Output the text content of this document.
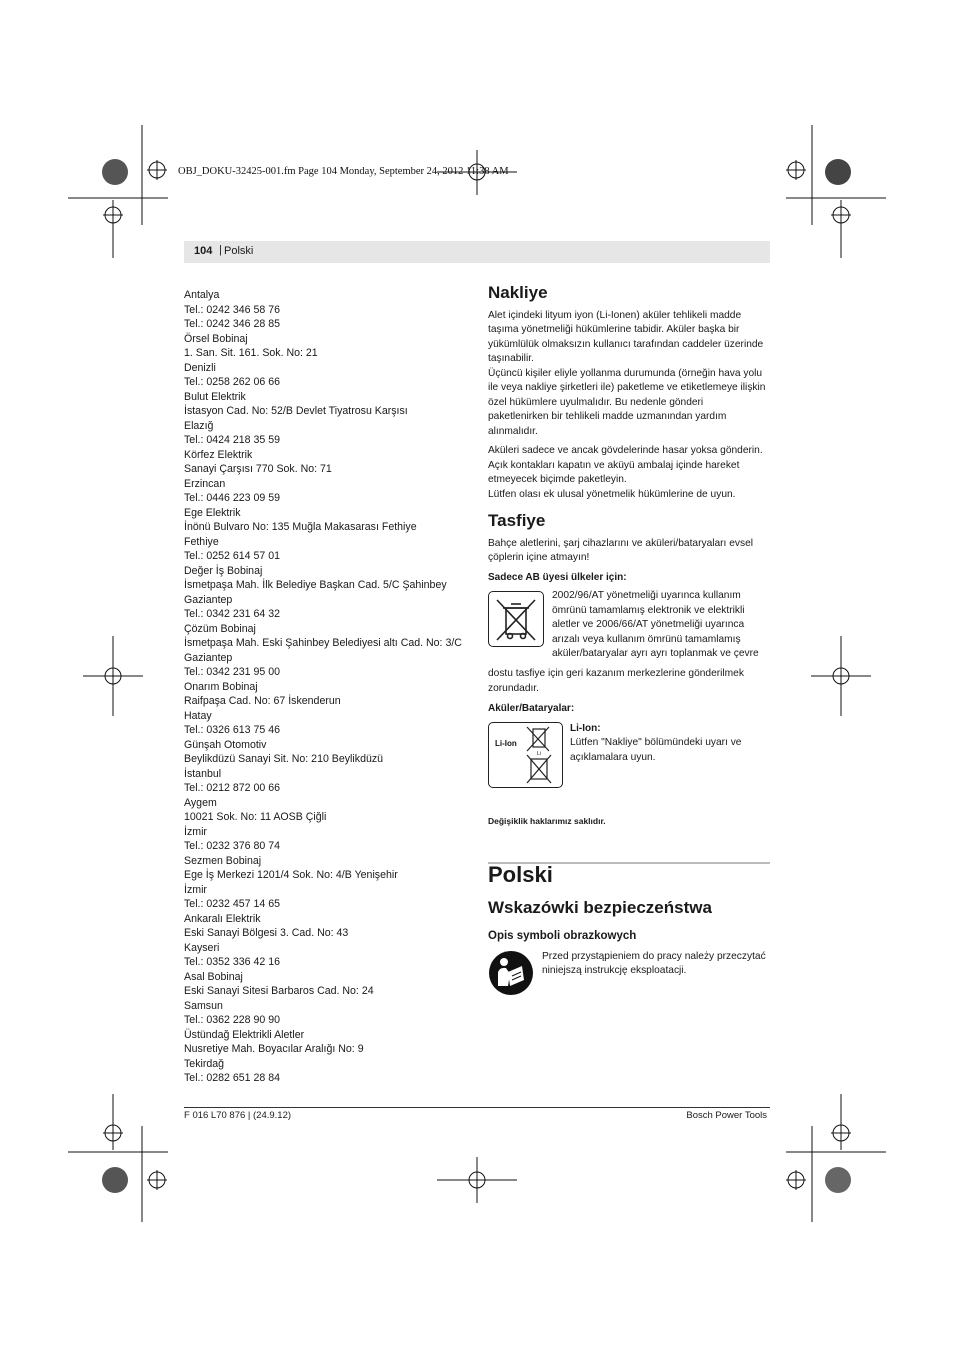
OBJ_DOKU-32425-001.fm Page 104 Monday, September 24, 2012 11:38 AM
104 | Polski
Antalya
Tel.: 0242 346 58 76
Tel.: 0242 346 28 85
Örsel Bobinaj
1. San. Sit. 161. Sok. No: 21
Denizli
Tel.: 0258 262 06 66
Bulut Elektrik
İstasyon Cad. No: 52/B Devlet Tiyatrosu Karşısı
Elazığ
Tel.: 0424 218 35 59
Körfez Elektrik
Sanayi Çarşısı 770 Sok. No: 71
Erzincan
Tel.: 0446 223 09 59
Ege Elektrik
İnönü Bulvaro No: 135 Muğla Makasarası Fethiye
Fethiye
Tel.: 0252 614 57 01
Değer İş Bobinaj
İsmetpaşa Mah. İlk Belediye Başkan Cad. 5/C Şahinbey
Gaziantep
Tel.: 0342 231 64 32
Çözüm Bobinaj
İsmetpaşa Mah. Eski Şahinbey Belediyesi altı Cad. No: 3/C
Gaziantep
Tel.: 0342 231 95 00
Onarım Bobinaj
Raifpaşa Cad. No: 67 İskenderun
Hatay
Tel.: 0326 613 75 46
Günşah Otomotiv
Beylikdüzü Sanayi Sit. No: 210 Beylikdüzü
İstanbul
Tel.: 0212 872 00 66
Aygem
10021 Sok. No: 11 AOSB Çiğli
İzmir
Tel.: 0232 376 80 74
Sezmen Bobinaj
Ege İş Merkezi 1201/4 Sok. No: 4/B Yenişehir
İzmir
Tel.: 0232 457 14 65
Ankaralı Elektrik
Eski Sanayi Bölgesi 3. Cad. No: 43
Kayseri
Tel.: 0352 336 42 16
Asal Bobinaj
Eski Sanayi Sitesi Barbaros Cad. No: 24
Samsun
Tel.: 0362 228 90 90
Üstündağ Elektrikli Aletler
Nusretiye Mah. Boyacılar Aralığı No: 9
Tekirdağ
Tel.: 0282 651 28 84
Nakliye
Alet içindeki lityum iyon (Li-Ionen) aküler tehlikeli madde
taşıma yönetmeliği hükümlerine tabidir. Aküler başka bir
yükümlülük olmaksızın kullanıcı tarafından caddeler üzerinde
taşınabilir.
Üçüncü kişiler eliyle yollanma durumunda (örneğin hava yolu
ile veya nakliye şirketleri ile) paketleme ve etiketlemeye ilişkin
özel hükümlere uyulmalıdır. Bu nedenle gönderi
paketlenirken bir tehlikeli madde uzmanından yardım
alınmalıdır.
Aküleri sadece ve ancak gövdelerinde hasar yoksa gönderin.
Açık kontakları kapatın ve aküyü ambalaj içinde hareket
etmeyecek biçimde paketleyin.
Lütfen olası ek ulusal yönetmelik hükümlerine de uyun.
Tasfiye
Bahçe aletlerini, şarj cihazlarını ve aküleri/bataryaları evsel
çöplerin içine atmayın!
Sadece AB üyesi ülkeler için:
2002/96/AT yönetmeliği uyarınca kullanım
ömrünü tamamlamış elektronik ve elektrikli
aletler ve 2006/66/AT yönetmeliği uyarınca
arızalı veya kullanım ömrünü tamamlamış
aküler/bataryalar ayrı ayrı toplanmak ve çevre
dostu tasfiye için geri kazanım merkezlerine gönderilmek
zorundadır.
Aküler/Bataryalar:
Li-Ion
Li
Li-Ion:
Lütfen "Nakliye" bölümündeki uyarı ve
açıklamalara uyun.
Değişiklik haklarımız saklıdır.
Polski
Wskazówki bezpieczeństwa
Opis symboli obrazkowych
Przed przystąpieniem do pracy należy przeczytać
niniejszą instrukcję eksploatacji.
F 016 L70 876 | (24.9.12)	Bosch Power Tools
